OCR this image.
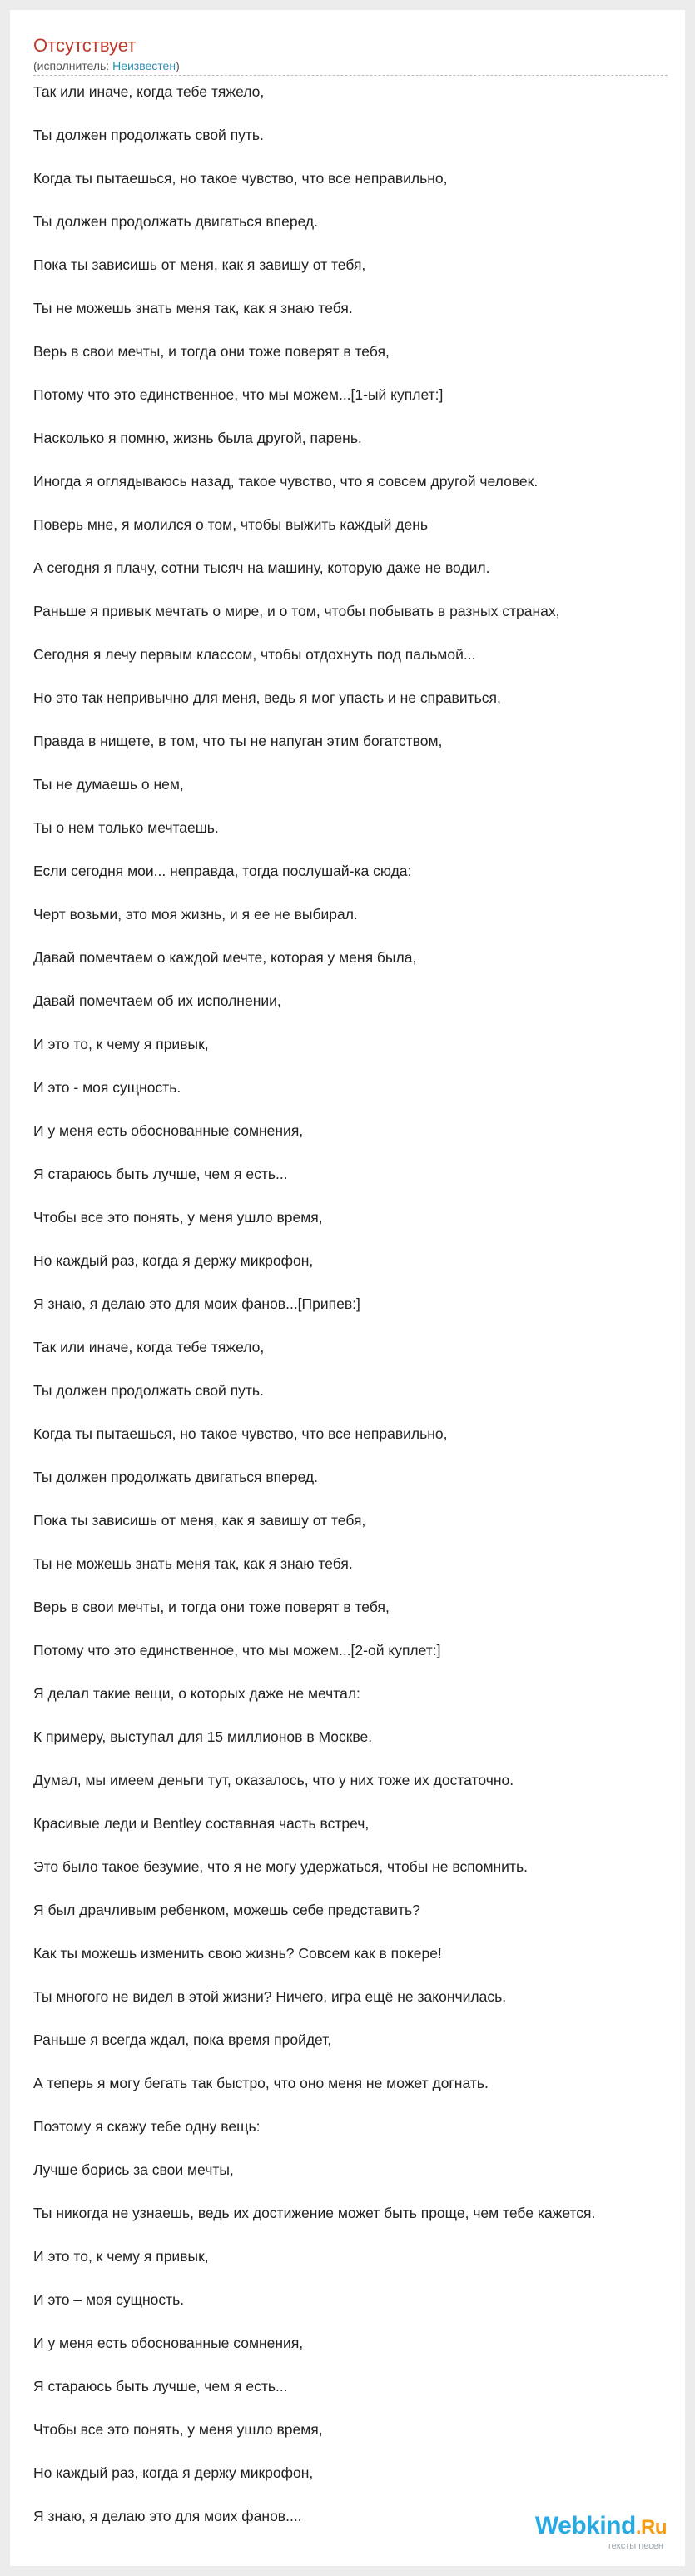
Отсутствует
(исполнитель: Неизвестен)

Так или иначе, когда тебе тяжело,

Ты должен продолжать свой путь.

Когда ты пытаешься, но такое чувство, что все неправильно,

Ты должен продолжать двигаться вперед.

Пока ты зависишь от меня, как я завишу от тебя,

Ты не можешь знать меня так, как я знаю тебя.

Верь в свои мечты, и тогда они тоже поверят в тебя,

Потому что это единственное, что мы можем...[1-ый куплет:]

Насколько я помню, жизнь была другой, парень.

Иногда я оглядываюсь назад, такое чувство, что я совсем другой человек.

Поверь мне, я молился о том, чтобы выжить каждый день

А сегодня я плачу, сотни тысяч на машину, которую даже не водил.

Раньше я привык мечтать о мире, и о том, чтобы побывать в разных странах,

Сегодня я лечу первым классом, чтобы отдохнуть под пальмой...

Но это так непривычно для меня, ведь я мог упасть и не справиться,

Правда в нищете, в том, что ты не напуган этим богатством,

Ты не думаешь о нем,

Ты о нем только мечтаешь.

Если сегодня мои... неправда, тогда послушай-ка сюда:

Черт возьми, это моя жизнь, и я ее не выбирал.

Давай помечтаем о каждой мечте, которая у меня была,

Давай помечтаем об их исполнении,

И это то, к чему я привык,

И это - моя сущность.

И у меня есть обоснованные сомнения,

Я стараюсь быть лучше, чем я есть...

Чтобы все это понять, у меня ушло время,

Но каждый раз, когда я держу микрофон,

Я знаю, я делаю это для моих фанов...[Припев:]

Так или иначе, когда тебе тяжело,

Ты должен продолжать свой путь.

Когда ты пытаешься, но такое чувство, что все неправильно,

Ты должен продолжать двигаться вперед.

Пока ты зависишь от меня, как я завишу от тебя,

Ты не можешь знать меня так, как я знаю тебя.

Верь в свои мечты, и тогда они тоже поверят в тебя,

Потому что это единственное, что мы можем...[2-ой куплет:]

Я делал такие вещи, о которых даже не мечтал:

К примеру, выступал для 15 миллионов в Москве.

Думал, мы имеем деньги тут, оказалось, что у них тоже их достаточно.

Красивые леди и Bentley составная часть встреч,

Это было такое безумие, что я не могу удержаться, чтобы не вспомнить.

Я был драчливым ребенком, можешь себе представить?

Как ты можешь изменить свою жизнь? Совсем как в покере!

Ты многого не видел в этой жизни? Ничего, игра ещё не закончилась.

Раньше я всегда ждал, пока время пройдет,

А теперь я могу бегать так быстро, что оно меня не может догнать.

Поэтому я скажу тебе одну вещь:

Лучше борись за свои мечты,

Ты никогда не узнаешь, ведь их достижение может быть проще, чем тебе кажется.

И это то, к чему я привык,

И это – моя сущность.

И у меня есть обоснованные сомнения,

Я стараюсь быть лучше, чем я есть...

Чтобы все это понять, у меня ушло время,

Но каждый раз, когда я держу микрофон,

Я знаю, я делаю это для моих фанов....	Webkind.Ru
тексты песен
